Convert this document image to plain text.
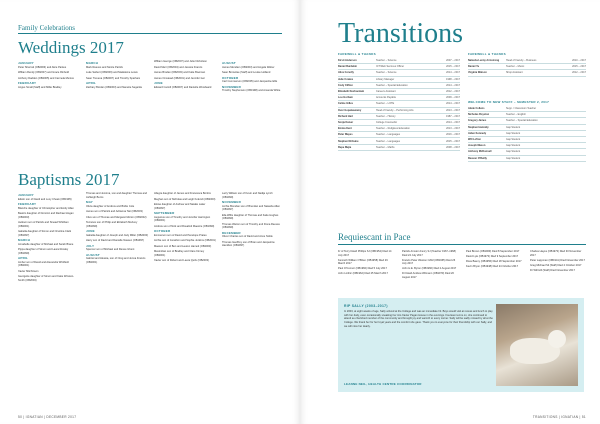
Family Celebrations
Weddings 2017
JANUARY
Peter Sherratt (OB2003) and Alice Parkes
William Rendy (OB2007) and Grace Rinbold
Anthony Dadden (OB2005) and Carmela Munice
FEBRUARY
Angus Small (Staff) and Millie Bradley
MARCH
Mark Reeves and Nicole Patrick
Luke Seibert (OB2009) and Madeleine Lewis
Sean Trevena (OB2007) and Timothy Sparham
APRIL
Zachary Brodan (OB2003) and Nanette Segarda
William George (OB2007) and Julie Nicholson
David Marr (OB2004) and Jessica Francis
James Brodan (OB2003) and Katie Bowman
James Omstead (OB2001) and Jennifer Iser
JUNE
Edward Carroll (OB2007) and Danielle Woodward
AUGUST
James Mendam (OB2003) and Angela Weber
Sean Brownlee (Staff) and Louise Holland
OCTOBER
Carl Cummerson (OB2005) and Jacqueline Ellis
NOVEMBER
Timothy Stephenson (OB1998) and Amanda White
Baptisms 2017
JANUARY
Edwin son of David and Lucy Cheek (OB1995)
FEBRUARY
Blanche daughter of Christopher and Emily Allan
Beatrix daughter of Dominic and Rachael Hogan (OB2003)
Jackson son of Patrick and Sinead Whitham (OB2001)
Isabella daughter of Simon and Orsolina Clark (OB1997)
MARCH
Annabelle daughter of Michael and Sarah Brane
Pippa daughter of Simon and Laura Rowley (OB1999)
APRIL
Amber son of David and Alexandra Whitfield (OB2001)
Xavier Mitchinson
Georgette daughter of Simon and Katie Winston-Smith (OB2004)
Thomas and Jemima, son and daughter Thomas and Ashleigh Burns
MAY
Olivia daughter of Andrew and Bridie Cole
James son of Patrick and Adrianna Tait (OB2003)
Clive son of Thomas and Margaret Morton (OB2002)
Terrance son of Philip and Elizabeth McAvoy (OB1999)
JUNE
Isabella daughter of Joseph and Jody Miller (OB2000)
Harry son of David and Danielle Nassen (OB1997)
JULY
Spencer son of Michael and Renee Ghent
AUGUST
Gabriel and Alessia, son of Oreg and Jenna Francis (OB2001)
Allegra daughter of James and Francesca Bonfox
Meghan son of Nicholas and Leigh Kolendt (OB2000)
Eloise daughter of Andrew and Natalie Laker (OB1997)
SEPTEMBER
Augustus son of Timothy and Jennifer Harrington (OB2001)
Andrew son of Nick and Rosalind Maestre (OB1999)
OCTOBER
Emmerson son of David and Penelope Prates
Archie son of Jonathon and Sophie Jenkins (OB2001)
Maeson son of Ben and Lauren Hamett (OB2003)
Maximilian son of Bradley and Clare Kinney (OB2001)
Xavier son of Robert and Laura Quirk (OB2003)
Larry William son of Kevin and Nadija Lynch (OB1999)
NOVEMBER
Archie Brendan son of Brendan and Natasha Allen (OB1997)
Ella Willis daughter of Thomas and Katie Hughes (OB1999)
Thomas Warren son of Timothy and Fiona Reeves (OB1999)
DECEMBER
Oliver Charles son of David and Anne Noble
Thomas Geoffrey son of Brian and Jacqueline Hamilton (OB1997)
50 | IGNATIAN | DECEMBER 2017
Transitions
FAREWELL & THANKS
Kirsti Anderson	Teacher – Science	2007 – 2017
Daniel Burdekin	ICT/Web Services Officer	2015 – 2017
Alice Conolly	Teacher – Science	2014 – 2017
Julie Cowles	Library Manager	1998 – 2017
Cody Clifton	Teacher – Special Education	2014 – 2017
Elizabeth Desfountain	Careers Assistant	2012 – 2017
Lou Gorham	Accounts Payable	2009 – 2017
Celine Gilles	Teacher – LOTE	2014 – 2017
Over Gopalaswamy	Head of Faculty – Performing Arts	2013 – 2017
Richard Hart	Teacher – History	1987 – 2017
Sonja Kaiser	College Counsellor	2014 – 2017
Emma Kent	Teacher – Religious Education	2013 – 2017
Peter Mayes	Teacher – Languages	2016 – 2017
Stephen McGuire	Teacher – Languages	2015 – 2017
Rupe Mejia	Teacher – Maths	2008 – 2017
FAREWELL & THANKS
Natasha Lenny Armstrong	Head of Faculty – Business	2010 – 2017
Daniel Yu	Teacher – Music	2015 – 2017
Virginia Watson	Shop Assistant	2012 – 2017
WELCOME TO NEW STAFF – SEMESTER 2, 2017
Adele Collens	Supp. / Classroom Teacher
Nicholas Royston	Teacher – English
Gregory James	Teacher – Special Education
Stephen Hanratty	Gap Student
Aiden Kennedy	Gap Student
Will Lofton	Gap Student
Joseph Mason	Gap Student
Anthony McDonnell	Gap Student
Reason O'Reilly	Gap Student
Requiescant in Pace
Fr of Terry David Phillips SJ (OB1954) Died 14 July 2017
Kenneth William O'Brien (OB1958) Died 29 March 2017
Paul O'Connor (OB1960) Died 5 July 2017
John Linthic (OB1962) Died 25 March 2017
Patrick Arnston Fenry SJ (Teacher 1967–1968) Died 24 July 2017
Francis Peter Weston OAM (OB1965) Died 26 July 2017
John H.E. Byron (OB1966) Died 2 August 2017
Dr David Andrew Wilmann (OB1970) Died 20 August 2017
Paul Brown (OB1969) Died 8 September 2017
David Lyle (OB1973) Died 9 September 2017
Ross Bauny (OB1956) Died 18 September 2017
Kevin Bryon (OB1948) Died 24 October 2017
Charles Hayes (OB1973) Died 30 November 2017
Peter Lappman (OB1941) Died November 2017
Greg Michael Sil (Staff) Died 4 October 2017
Dr Will Hill (Staff) Died November 2017
RIP SALLY (2003–2017)
In 2003, at eight weeks of age, Sally arrived at the College and was an immediate hit. Boys would visit at recess and lunch to play with her daily, even occasionally sneaking her into Xavier Pagan House in the evenings. Fourteen terms on, she continued to attend as cherished member of the community and brought joy and warmth to every corner. Sally will be sadly missed by all at the College. We thank her for her loyal years and the comfort she gave. Thank you to everyone for their friendship with our Sally, and we will miss her dearly.
LEANNE NEIL, HEALTH CENTRE COORDINATOR
TRANSITIONS | IGNATIAN | 51
